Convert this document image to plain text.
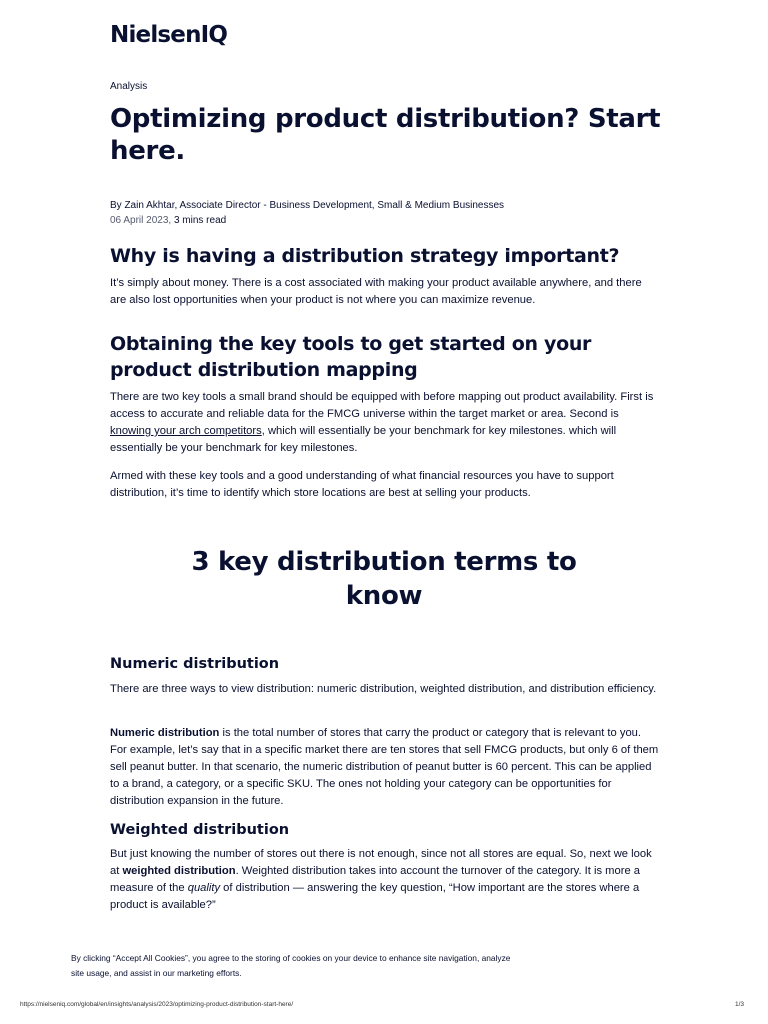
NielsenIQ
Analysis
Optimizing product distribution? Start here.
By Zain Akhtar, Associate Director - Business Development, Small & Medium Businesses
06 April 2023, 3 mins read
Why is having a distribution strategy important?

It’s simply about money. There is a cost associated with making your product available anywhere, and there are also lost opportunities when your product is not where you can maximize revenue.

Obtaining the key tools to get started on your product distribution mapping

There are two key tools a small brand should be equipped with before mapping out product availability. First is access to accurate and reliable data for the FMCG universe within the target market or area. Second is knowing your arch competitors, which will essentially be your benchmark for key milestones. which will essentially be your benchmark for key milestones.

Armed with these key tools and a good understanding of what financial resources you have to support distribution, it’s time to identify which store locations are best at selling your products.

3 key distribution terms to know
Numeric distribution

There are three ways to view distribution: numeric distribution, weighted distribution, and distribution efficiency.

Numeric distribution is the total number of stores that carry the product or category that is relevant to you. For example, let’s say that in a specific market there are ten stores that sell FMCG products, but only 6 of them sell peanut butter. In that scenario, the numeric distribution of peanut butter is 60 percent. This can be applied to a brand, a category, or a specific SKU. The ones not holding your category can be opportunities for distribution expansion in the future.

Weighted distribution

But just knowing the number of stores out there is not enough, since not all stores are equal. So, next we look at weighted distribution. Weighted distribution takes into account the turnover of the category. It is more a measure of the quality of distribution — answering the key question, “How important are the stores where a product is available?”

By clicking “Accept All Cookies”, you agree to the storing of cookies on your device to enhance site navigation, analyze site usage, and assist in our marketing efforts.
https://nielseniq.com/global/en/insights/analysis/2023/optimizing-product-distribution-start-here/	1/3
